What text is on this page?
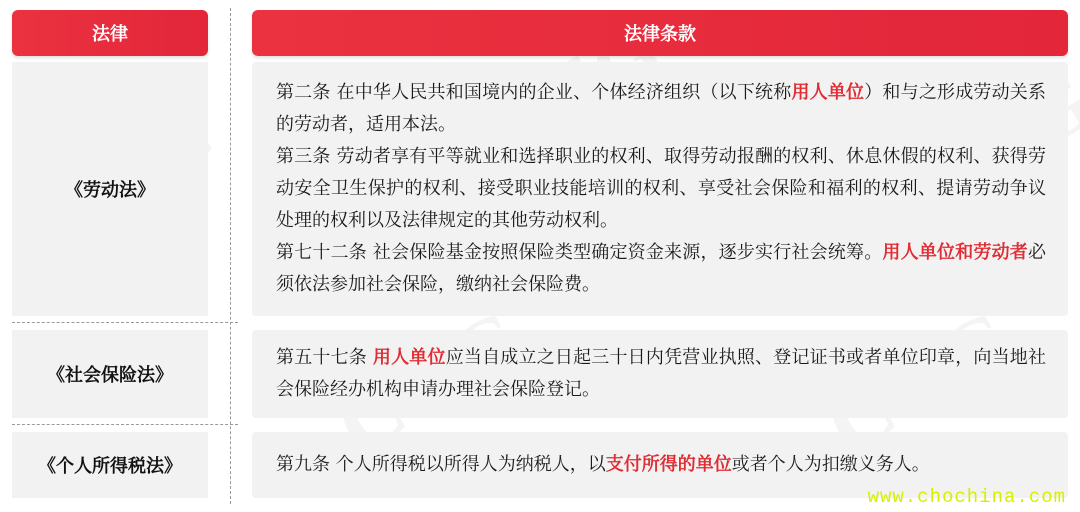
法律	法律条款
《劳动法》

第二条 在中华人民共和国境内的企业、个体经济组织（以下统称用人单位）和与之形成劳动关系的劳动者，适用本法。

第三条 劳动者享有平等就业和选择职业的权利、取得劳动报酬的权利、休息休假的权利、获得劳动安全卫生保护的权利、接受职业技能培训的权利、享受社会保险和福利的权利、提请劳动争议处理的权利以及法律规定的其他劳动权利。

第七十二条 社会保险基金按照保险类型确定资金来源，逐步实行社会统筹。用人单位和劳动者必须依法参加社会保险，缴纳社会保险费。

《社会保险法》

第五十七条 用人单位应当自成立之日起三十日内凭营业执照、登记证书或者单位印章，向当地社会保险经办机构申请办理社会保险登记。

《个人所得税法》	第九条 个人所得税以所得人为纳税人，以支付所得的单位或者个人为扣缴义务人。

www.chochina.com
